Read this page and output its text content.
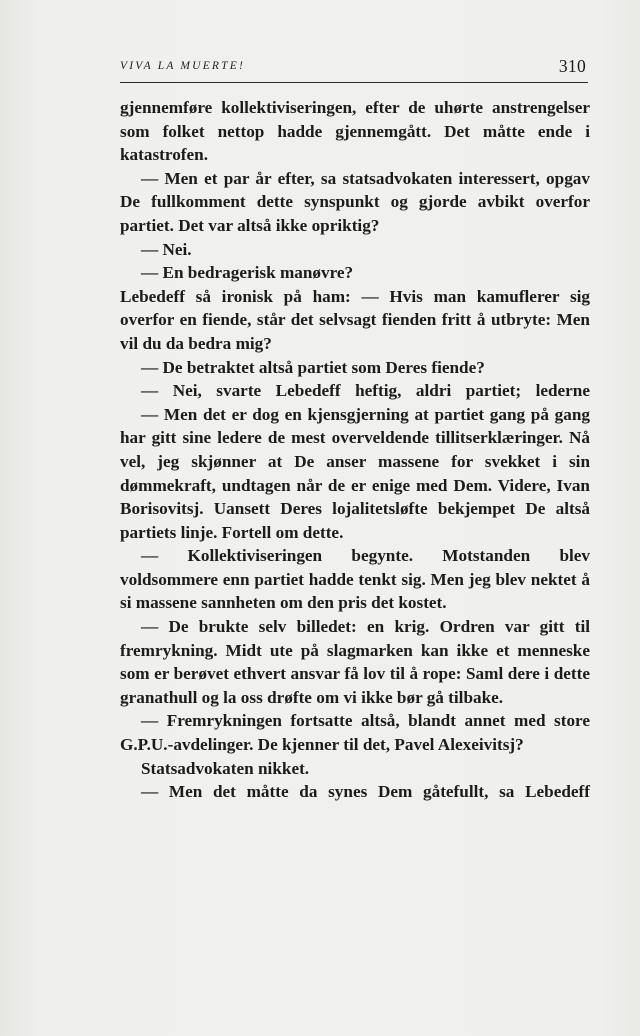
VIVA LA MUERTE!	310

gjennemføre kollektiviseringen, efter de uhørte anstrengelser som folket nettop hadde gjennemgått. Det måtte ende i katastrofen.

— Men et par år efter, sa statsadvokaten interessert, opgav De fullkomment dette synspunkt og gjorde avbikt overfor partiet. Det var altså ikke opriktig?

— Nei.

— En bedragerisk manøvre?

Lebedeff så ironisk på ham: — Hvis man kamuflerer sig overfor en fiende, står det selvsagt fienden fritt å utbryte: Men vil du da bedra mig?

— De betraktet altså partiet som Deres fiende?

— Nei, svarte Lebedeff heftig, aldri partiet; lederne

— Men det er dog en kjensgjerning at partiet gang på gang har gitt sine ledere de mest overveldende tillitserklæringer. Nå vel, jeg skjønner at De anser massene for svekket i sin dømmekraft, undtagen når de er enige med Dem. Videre, Ivan Borisovitsj. Uansett Deres lojalitetsløfte bekjempet De altså partiets linje. Fortell om dette.

— Kollektiviseringen begynte. Motstanden blev voldsommere enn partiet hadde tenkt sig. Men jeg blev nektet å si massene sannheten om den pris det kostet.

— De brukte selv billedet: en krig. Ordren var gitt til fremrykning. Midt ute på slagmarken kan ikke et menneske som er berøvet ethvert ansvar få lov til å rope: Saml dere i dette granathull og la oss drøfte om vi ikke bør gå tilbake.

— Fremrykningen fortsatte altså, blandt annet med store G.P.U.-avdelinger. De kjenner til det, Pavel Alexeivitsj?

Statsadvokaten nikket.

— Men det måtte da synes Dem gåtefullt, sa Lebedeff
